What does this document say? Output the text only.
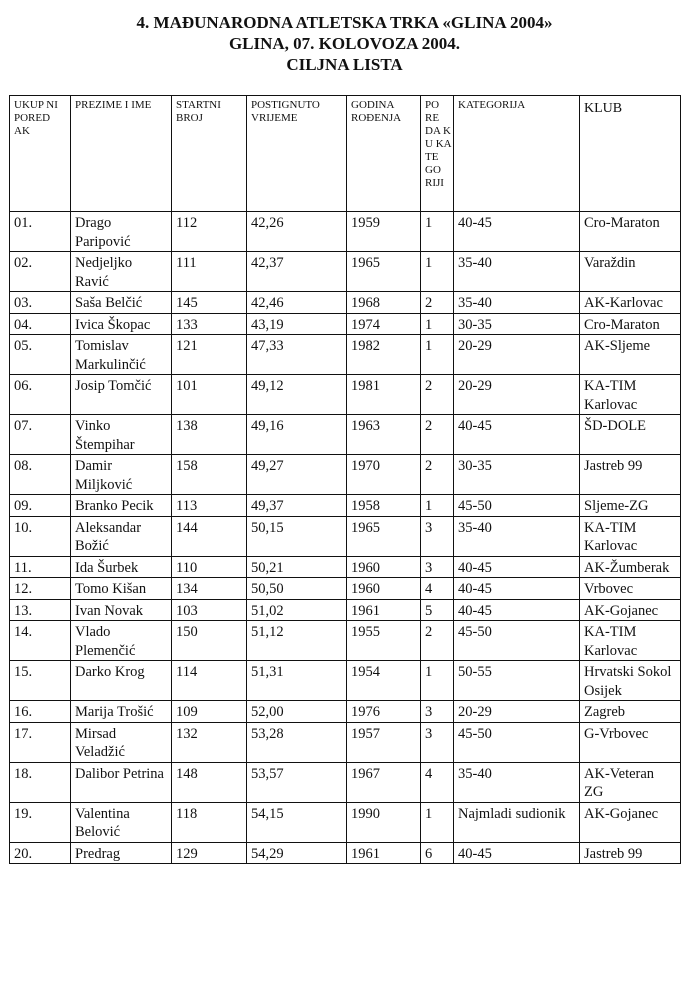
4. MAĐUNARODNA ATLETSKA TRKA «GLINA 2004»
GLINA, 07. KOLOVOZA 2004.
CILJNA LISTA
UKUP NI PORED AK	PREZIME I IME	STARTNI BROJ	POSTIGNUTO VRIJEME	GODINA ROĐENJA	PO RE DA K U KA TE GO RIJI	KATEGORIJA	KLUB
01.	Drago Paripović	112	42,26	1959	1	40-45	Cro-Maraton
02.	Nedjeljko Ravić	111	42,37	1965	1	35-40	Varaždin
03.	Saša Belčić	145	42,46	1968	2	35-40	AK-Karlovac
04.	Ivica Škopac	133	43,19	1974	1	30-35	Cro-Maraton
05.	Tomislav Markulinčić	121	47,33	1982	1	20-29	AK-Sljeme
06.	Josip Tomčić	101	49,12	1981	2	20-29	KA-TIM Karlovac
07.	Vinko Štempihar	138	49,16	1963	2	40-45	ŠD-DOLE
08.	Damir Miljković	158	49,27	1970	2	30-35	Jastreb 99
09.	Branko Pecik	113	49,37	1958	1	45-50	Sljeme-ZG
10.	Aleksandar Božić	144	50,15	1965	3	35-40	KA-TIM Karlovac
11.	Ida Šurbek	110	50,21	1960	3	40-45	AK-Žumberak
12.	Tomo Kišan	134	50,50	1960	4	40-45	Vrbovec
13.	Ivan Novak	103	51,02	1961	5	40-45	AK-Gojanec
14.	Vlado Plemenčić	150	51,12	1955	2	45-50	KA-TIM Karlovac
15.	Darko Krog	114	51,31	1954	1	50-55	Hrvatski Sokol Osijek
16.	Marija Trošić	109	52,00	1976	3	20-29	Zagreb
17.	Mirsad Veladžić	132	53,28	1957	3	45-50	G-Vrbovec
18.	Dalibor Petrina	148	53,57	1967	4	35-40	AK-Veteran ZG
19.	Valentina Belović	118	54,15	1990	1	Najmladi sudionik	AK-Gojanec
20.	Predrag	129	54,29	1961	6	40-45	Jastreb 99
